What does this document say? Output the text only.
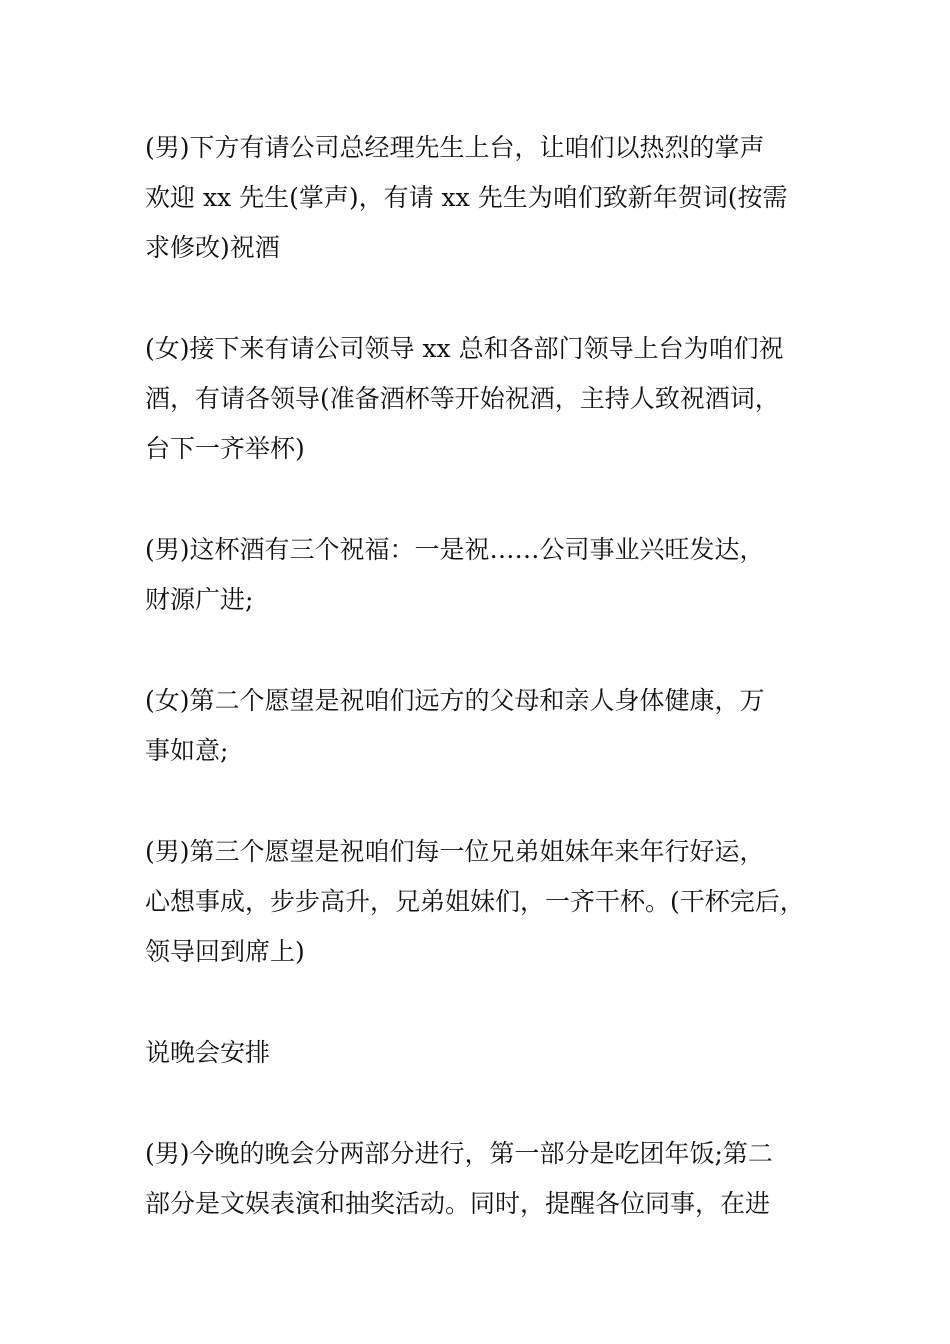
(男)下方有请公司总经理先生上台，让咱们以热烈的掌声
欢迎 xx 先生(掌声)，有请 xx 先生为咱们致新年贺词(按需
求修改)祝酒
(女)接下来有请公司领导 xx 总和各部门领导上台为咱们祝
酒，有请各领导(准备酒杯等开始祝酒，主持人致祝酒词，
台下一齐举杯)
(男)这杯酒有三个祝福：一是祝……公司事业兴旺发达，
财源广进;
(女)第二个愿望是祝咱们远方的父母和亲人身体健康，万
事如意;
(男)第三个愿望是祝咱们每一位兄弟姐妹年来年行好运，
心想事成，步步高升，兄弟姐妹们，一齐干杯。(干杯完后，
领导回到席上)
说晚会安排
(男)今晚的晚会分两部分进行，第一部分是吃团年饭;第二
部分是文娱表演和抽奖活动。同时，提醒各位同事，在进
